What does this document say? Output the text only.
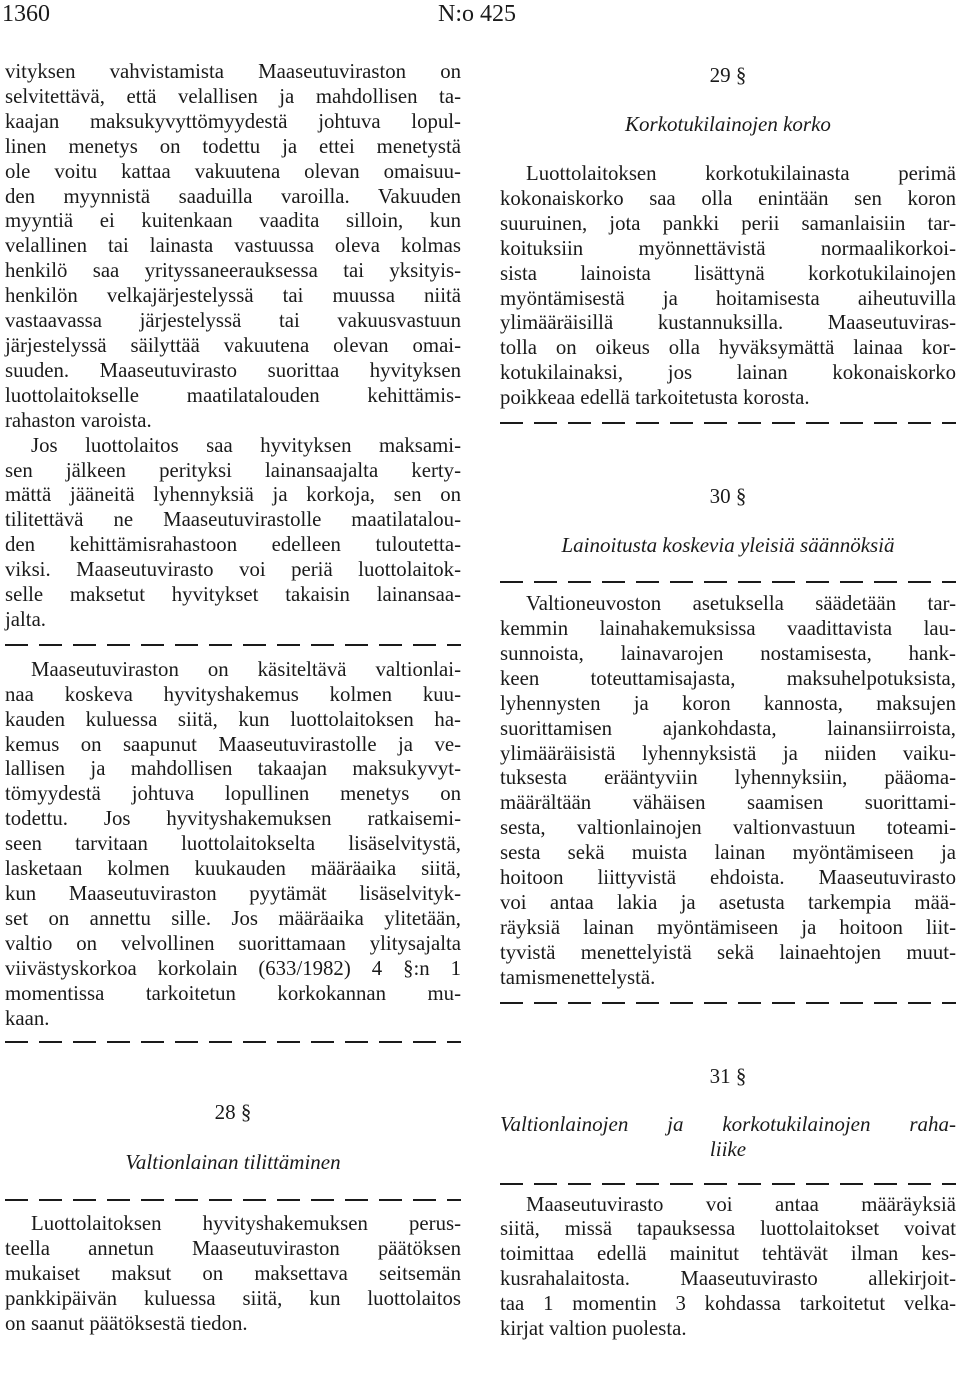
1360	N:o 425
vityksen vahvistamista Maaseutuviraston on
selvitettävä, että velallisen ja mahdollisen ta-
kaajan maksukyvyttömyydestä johtuva lopul-
linen menetys on todettu ja ettei menetystä
ole voitu kattaa vakuutena olevan omaisuu-
den myynnistä saaduilla varoilla. Vakuuden
myyntiä ei kuitenkaan vaadita silloin, kun
velallinen tai lainasta vastuussa oleva kolmas
henkilö saa yrityssaneerauksessa tai yksityis-
henkilön velkajärjestelyssä tai muussa niitä
vastaavassa järjestelyssä tai vakuusvastuun
järjestelyssä säilyttää vakuutena olevan omai-
suuden. Maaseutuvirasto suorittaa hyvityksen
luottolaitokselle maatilatalouden kehittämis-
rahaston varoista.
Jos luottolaitos saa hyvityksen maksami-
sen jälkeen perityksi lainansaajalta kerty-
mättä jääneitä lyhennyksiä ja korkoja, sen on
tilitettävä ne Maaseutuvirastolle maatilatalou-
den kehittämisrahastoon edelleen tuloutetta-
viksi. Maaseutuvirasto voi periä luottolaitok-
selle maksetut hyvitykset takaisin lainansaa-
jalta.
Maaseutuviraston on käsiteltävä valtionlai-
naa koskeva hyvityshakemus kolmen kuu-
kauden kuluessa siitä, kun luottolaitoksen ha-
kemus on saapunut Maaseutuvirastolle ja ve-
lallisen ja mahdollisen takaajan maksukyvyt-
tömyydestä johtuva lopullinen menetys on
todettu. Jos hyvityshakemuksen ratkaisemi-
seen tarvitaan luottolaitokselta lisäselvitystä,
lasketaan kolmen kuukauden määräaika siitä,
kun Maaseutuviraston pyytämät lisäselvityk-
set on annettu sille. Jos määräaika ylitetään,
valtio on velvollinen suorittamaan ylitysajalta
viivästyskorkoa korkolain (633/1982) 4 §:n 1
momentissa tarkoitetun korkokannan mu-
kaan.
28 §
Valtionlainan tilittäminen
Luottolaitoksen hyvityshakemuksen perus-
teella annetun Maaseutuviraston päätöksen
mukaiset maksut on maksettava seitsemän
pankkipäivän kuluessa siitä, kun luottolaitos
on saanut päätöksestä tiedon.
29 §
Korkotukilainojen korko
Luottolaitoksen korkotukilainasta perimä
kokonaiskorko saa olla enintään sen koron
suuruinen, jota pankki perii samanlaisiin tar-
koituksiin myönnettävistä normaalikorkoi-
sista lainoista lisättynä korkotukilainojen
myöntämisestä ja hoitamisesta aiheutuvilla
ylimääräisillä kustannuksilla. Maaseutuviras-
tolla on oikeus olla hyväksymättä lainaa kor-
kotukilainaksi, jos lainan kokonaiskorko
poikkeaa edellä tarkoitetusta korosta.
30 §
Lainoitusta koskevia yleisiä säännöksiä
Valtioneuvoston asetuksella säädetään tar-
kemmin lainahakemuksissa vaadittavista lau-
sunnoista, lainavarojen nostamisesta, hank-
keen toteuttamisajasta, maksuhelpotuksista,
lyhennysten ja koron kannosta, maksujen
suorittamisen ajankohdasta, lainansiirroista,
ylimääräisistä lyhennyksistä ja niiden vaiku-
tuksesta erääntyviin lyhennyksiin, pääoma-
määrältään vähäisen saamisen suorittami-
sesta, valtionlainojen valtionvastuun toteami-
sesta sekä muista lainan myöntämiseen ja
hoitoon liittyvistä ehdoista. Maaseutuvirasto
voi antaa lakia ja asetusta tarkempia mää-
räyksiä lainan myöntämiseen ja hoitoon liit-
tyvistä menettelyistä sekä lainaehtojen muut-
tamismenettelystä.
31 §
Valtionlainojen ja korkotukilainojen raha-
liike
Maaseutuvirasto voi antaa määräyksiä
siitä, missä tapauksessa luottolaitokset voivat
toimittaa edellä mainitut tehtävät ilman kes-
kusrahalaitosta. Maaseutuvirasto allekirjoit-
taa 1 momentin 3 kohdassa tarkoitetut velka-
kirjat valtion puolesta.
